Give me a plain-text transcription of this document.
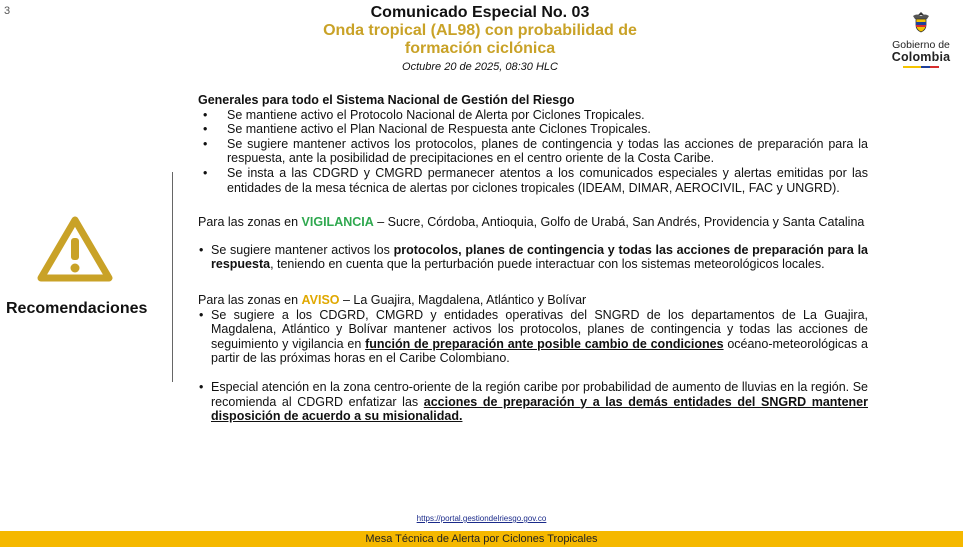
3	Comunicado Especial No. 03
Onda tropical (AL98) con probabilidad de
formación ciclónica
Octubre 20 de 2025, 08:30 HLC
Gobierno de
Colombia
Recomendaciones

Generales para todo el Sistema Nacional de Gestión del Riesgo

• Se mantiene activo el Protocolo Nacional de Alerta por Ciclones Tropicales.
• Se mantiene activo el Plan Nacional de Respuesta ante Ciclones Tropicales.
• Se sugiere mantener activos los protocolos, planes de contingencia y todas las acciones de preparación para la respuesta, ante la posibilidad de precipitaciones en el centro oriente de la Costa Caribe.
• Se insta a las CDGRD y CMGRD permanecer atentos a los comunicados especiales y alertas emitidas por las entidades de la mesa técnica de alertas por ciclones tropicales (IDEAM, DIMAR, AEROCIVIL, FAC y UNGRD).

Para las zonas en VIGILANCIA – Sucre, Córdoba, Antioquia, Golfo de Urabá, San Andrés, Providencia y Santa Catalina

• Se sugiere mantener activos los protocolos, planes de contingencia y todas las acciones de preparación para la respuesta, teniendo en cuenta que la perturbación puede interactuar con los sistemas meteorológicos locales.

Para las zonas en AVISO – La Guajira, Magdalena, Atlántico y Bolívar

• Se sugiere a los CDGRD, CMGRD y entidades operativas del SNGRD de los departamentos de La Guajira, Magdalena, Atlántico y Bolívar mantener activos los protocolos, planes de contingencia y todas las acciones de seguimiento y vigilancia en función de preparación ante posible cambio de condiciones océano-meteorológicas a partir de las próximas horas en el Caribe Colombiano.
• Especial atención en la zona centro-oriente de la región caribe por probabilidad de aumento de lluvias en la región. Se recomienda al CDGRD enfatizar las acciones de preparación y a las demás entidades del SNGRD mantener disposición de acuerdo a su misionalidad.
https://portal.gestiondelriesgo.gov.co
Mesa Técnica de Alerta por Ciclones Tropicales
